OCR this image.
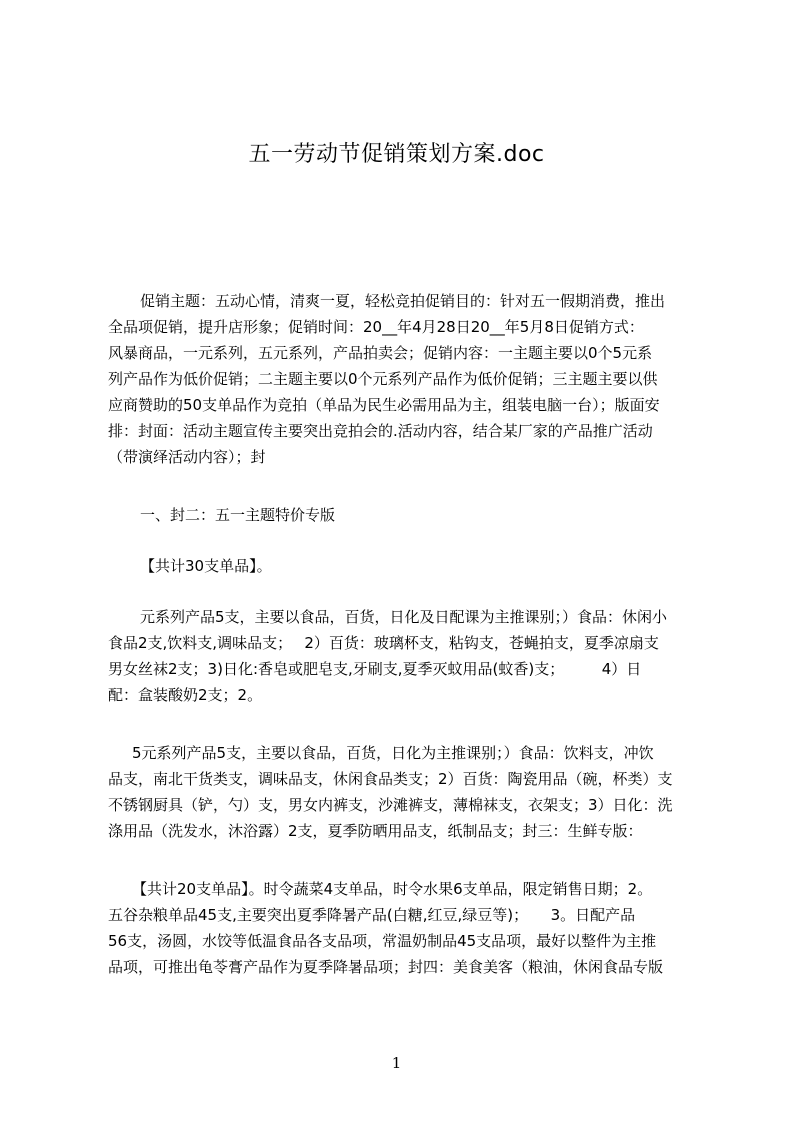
五一劳动节促销策划方案.doc
促销主题：五动心情，清爽一夏，轻松竞拍促销目的：针对五一假期消费，推出
全品项促销，提升店形象；促销时间：20__年4月28日20__年5月8日促销方式：
风暴商品，一元系列，五元系列，产品拍卖会；促销内容：一主题主要以0个5元系
列产品作为低价促销；二主题主要以0个元系列产品作为低价促销；三主题主要以供
应商赞助的50支单品作为竞拍（单品为民生必需用品为主，组装电脑一台）；版面安
排：封面：活动主题宣传主要突出竞拍会的.活动内容，结合某厂家的产品推广活动
（带演绎活动内容）；封
一、封二：五一主题特价专版
【共计30支单品】。
元系列产品5支，主要以食品，百货，日化及日配课为主推课别；）食品：休闲小
食品2支,饮料支,调味品支；　 2）百货：玻璃杯支，粘钩支，苍蝇拍支，夏季凉扇支
男女丝袜2支；3)日化:香皂或肥皂支,牙刷支,夏季灭蚊用品(蚊香)支；　　　4）日
配：盒装酸奶2支；2。
5元系列产品5支，主要以食品，百货，日化为主推课别；）食品：饮料支，冲饮
品支，南北干货类支，调味品支，休闲食品类支；2）百货：陶瓷用品（碗，杯类）支
不锈钢厨具（铲，勺）支，男女内裤支，沙滩裤支，薄棉袜支，衣架支；3）日化：洗
涤用品（洗发水，沐浴露）2支，夏季防晒用品支，纸制品支；封三：生鲜专版：
【共计20支单品】。时令蔬菜4支单品，时令水果6支单品，限定销售日期；2。
五谷杂粮单品45支,主要突出夏季降暑产品(白糖,红豆,绿豆等)；　　3。日配产品
56支，汤圆，水饺等低温食品各支品项，常温奶制品45支品项，最好以整件为主推
品项，可推出龟苓膏产品作为夏季降暑品项；封四：美食美客（粮油，休闲食品专版
1
